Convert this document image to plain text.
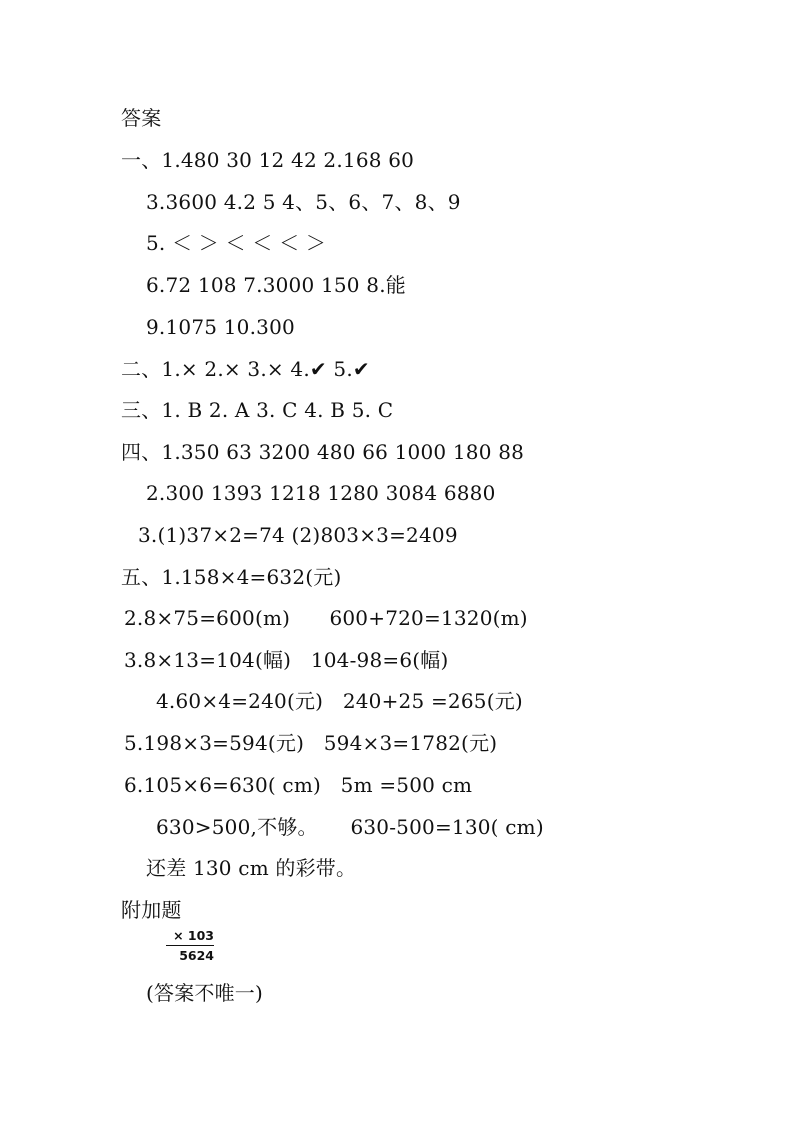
答案
一、1.480 30 12 42 2.168 60
3.3600 4.2 5 4、5、6、7、8、9
5. ＜ ＞ ＜ ＜ ＜ ＞
6.72 108 7.3000 150 8.能
9.1075 10.300
二、1.× 2.× 3.× 4.✔ 5.✔
三、1. B 2. A 3. C 4. B 5. C
四、1.350 63 3200 480 66 1000 180 88
2.300 1393 1218 1280 3084 6880
3.(1)37×2=74 (2)803×3=2409
五、1.158×4=632(元)
2.8×75=600(m)      600+720=1320(m)
3.8×13=104(幅)   104-98=6(幅)
4.60×4=240(元)   240+25 =265(元)
5.198×3=594(元)   594×3=1782(元)
6.105×6=630( cm)   5m =500 cm
630>500,不够。     630-500=130( cm)
还差 130 cm 的彩带。
附加题
× 103
5624
(答案不唯一)
